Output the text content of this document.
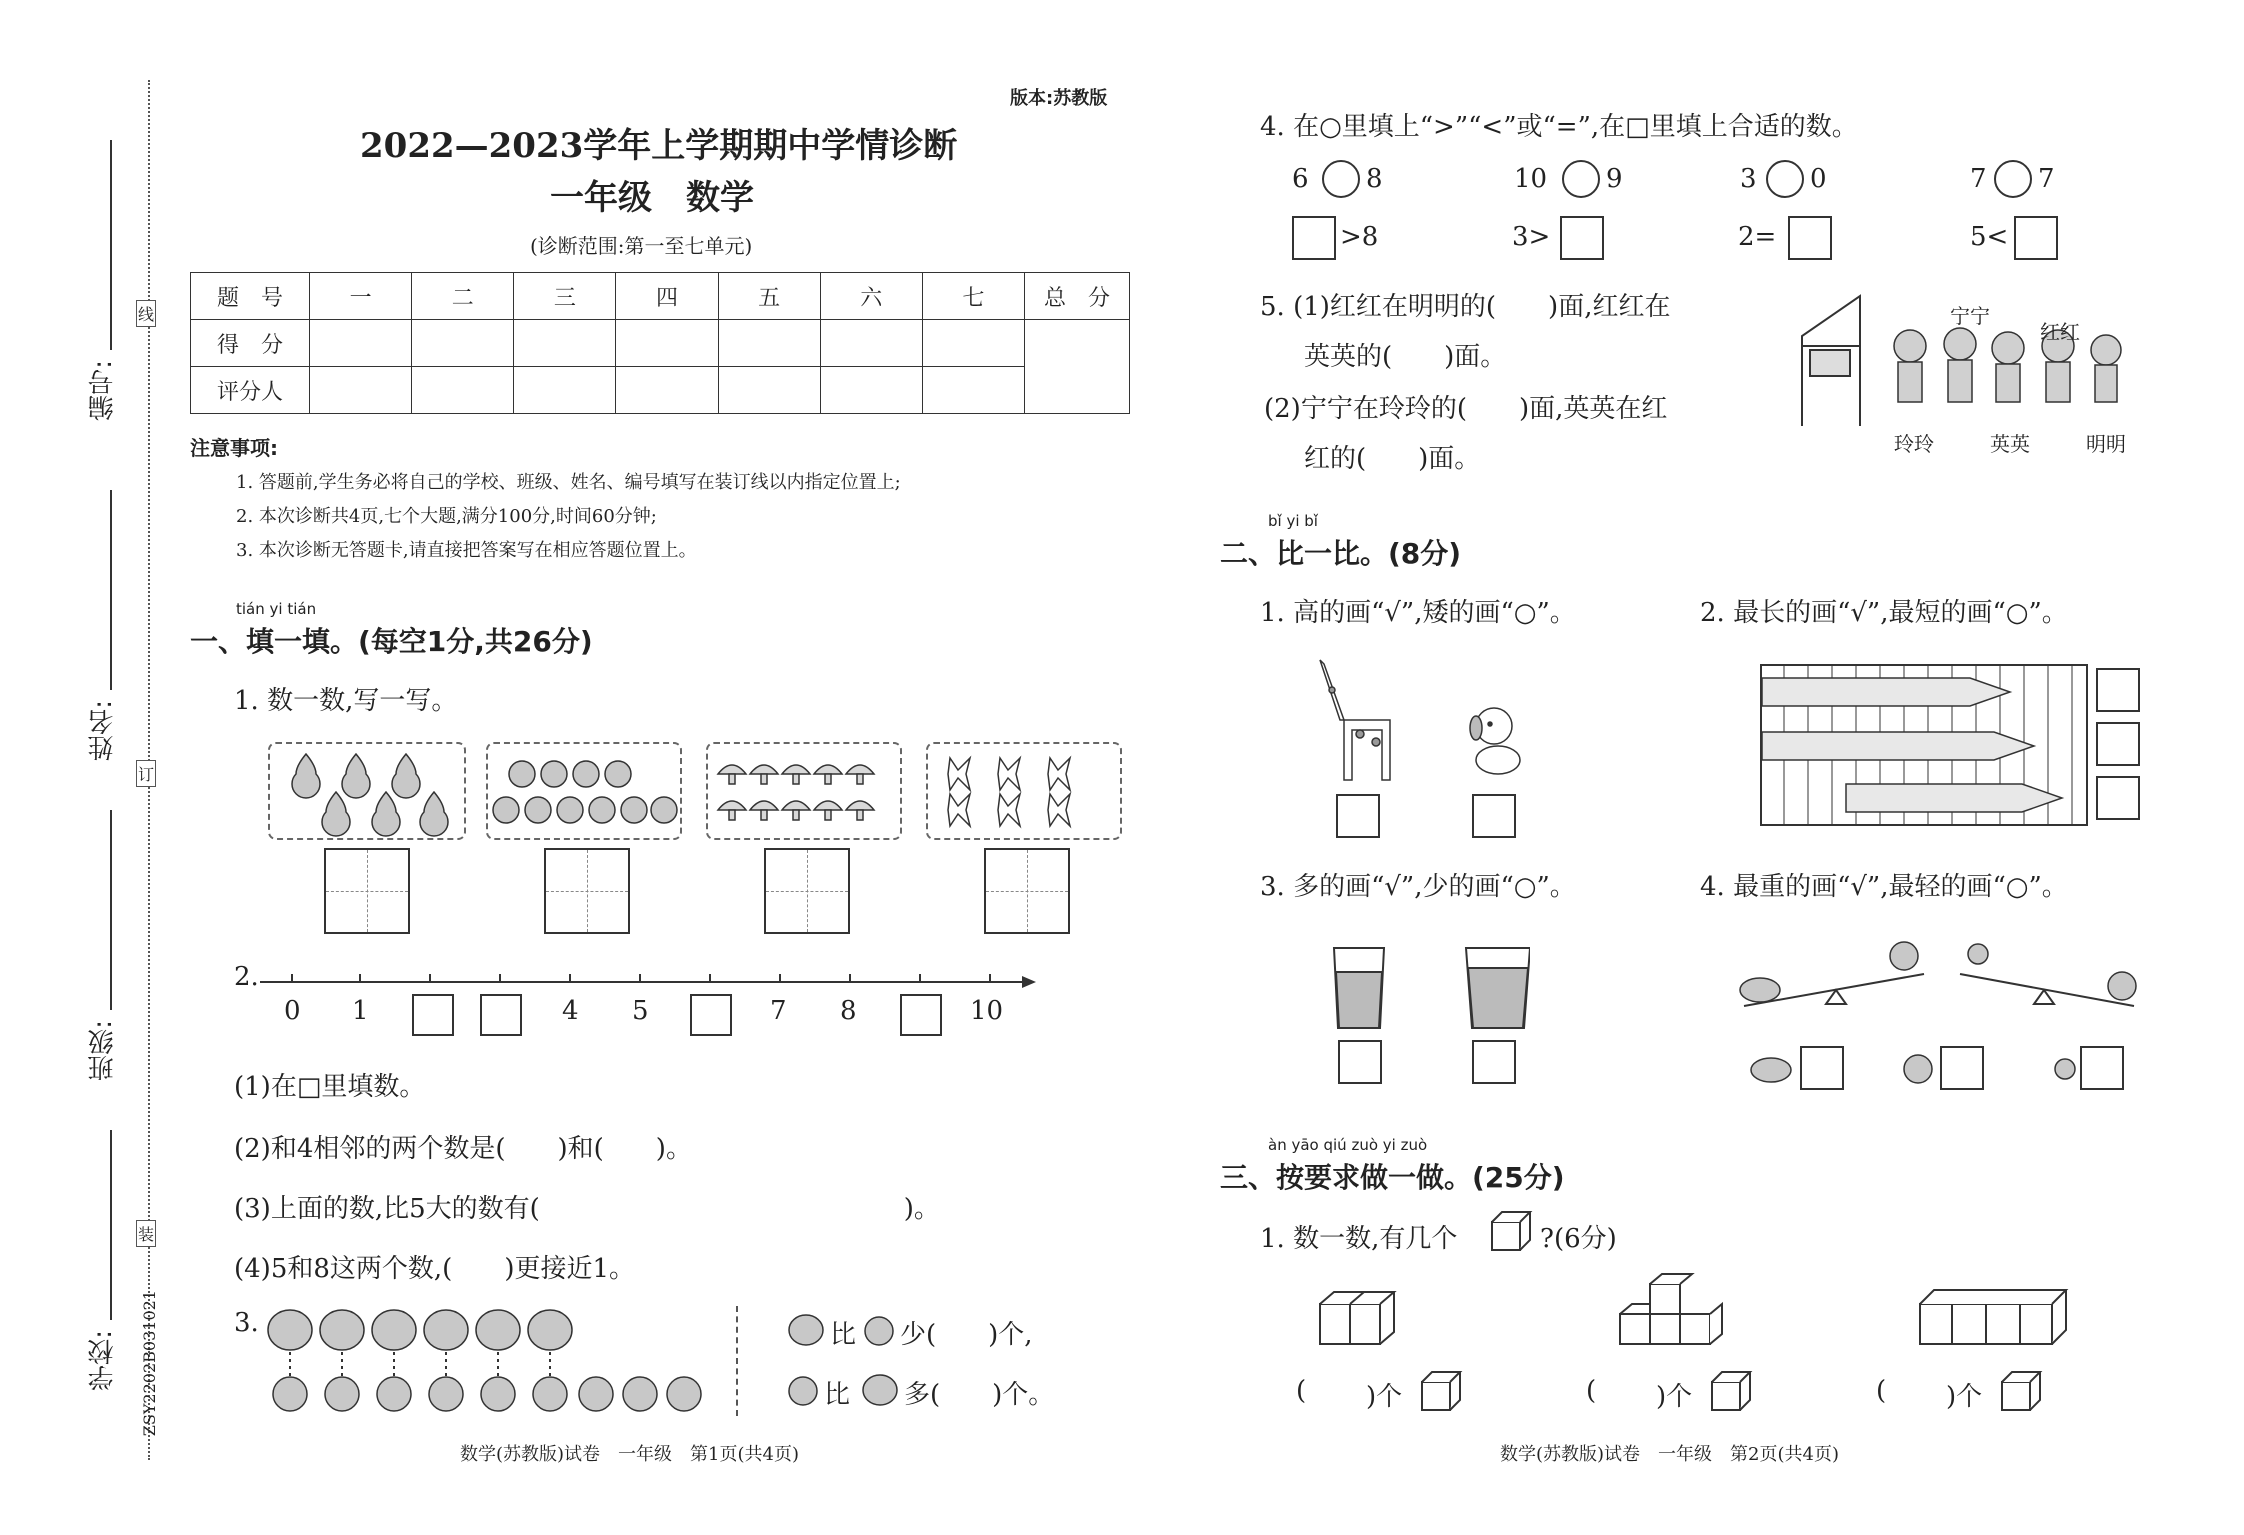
编号:
姓名:
班级:
学校:
线
订
装
ZSY2202B031021
版本:苏教版
2022—2023学年上学期期中学情诊断
一年级　数学
(诊断范围:第一至七单元)
题　号	一	二	三	四	五	六	七	总　分
得　分								
评分人								
注意事项:
1. 答题前,学生务必将自己的学校、班级、姓名、编号填写在装订线以内指定位置上;
2. 本次诊断共4页,七个大题,满分100分,时间60分钟;
3. 本次诊断无答题卡,请直接把答案写在相应答题位置上。
tián yi tián
一、填一填。(每空1分,共26分)
1. 数一数,写一写。
2.
0 1	4 5	7 8	10
(1)在□里填数。
(2)和4相邻的两个数是(　　)和(　　)。
(3)上面的数,比5大的数有(　　　　　　　　　　　　　　)。
(4)5和8这两个数,(　　)更接近1。
3.	比 少(　　)个,
比 多(　　)个。
数学(苏教版)试卷　一年级　第1页(共4页)
4. 在○里填上“>”“<”或“=”,在□里填上合适的数。
6 8	10 9	3 0	7 7
>8	3>	2=	5<
5. (1)红红在明明的(　　)面,红红在
英英的(　　)面。
(2)宁宁在玲玲的(　　)面,英英在红
红的(　　)面。
宁宁
红红
玲玲	英英	明明
bǐ yi bǐ
二、比一比。(8分)
1. 高的画“√”,矮的画“○”。	2. 最长的画“√”,最短的画“○”。
3. 多的画“√”,少的画“○”。	4. 最重的画“√”,最轻的画“○”。
àn yāo qiú zuò yi zuò
三、按要求做一做。(25分)
1. 数一数,有几个	?(6分)
( )个	( )个	( )个
数学(苏教版)试卷　一年级　第2页(共4页)
